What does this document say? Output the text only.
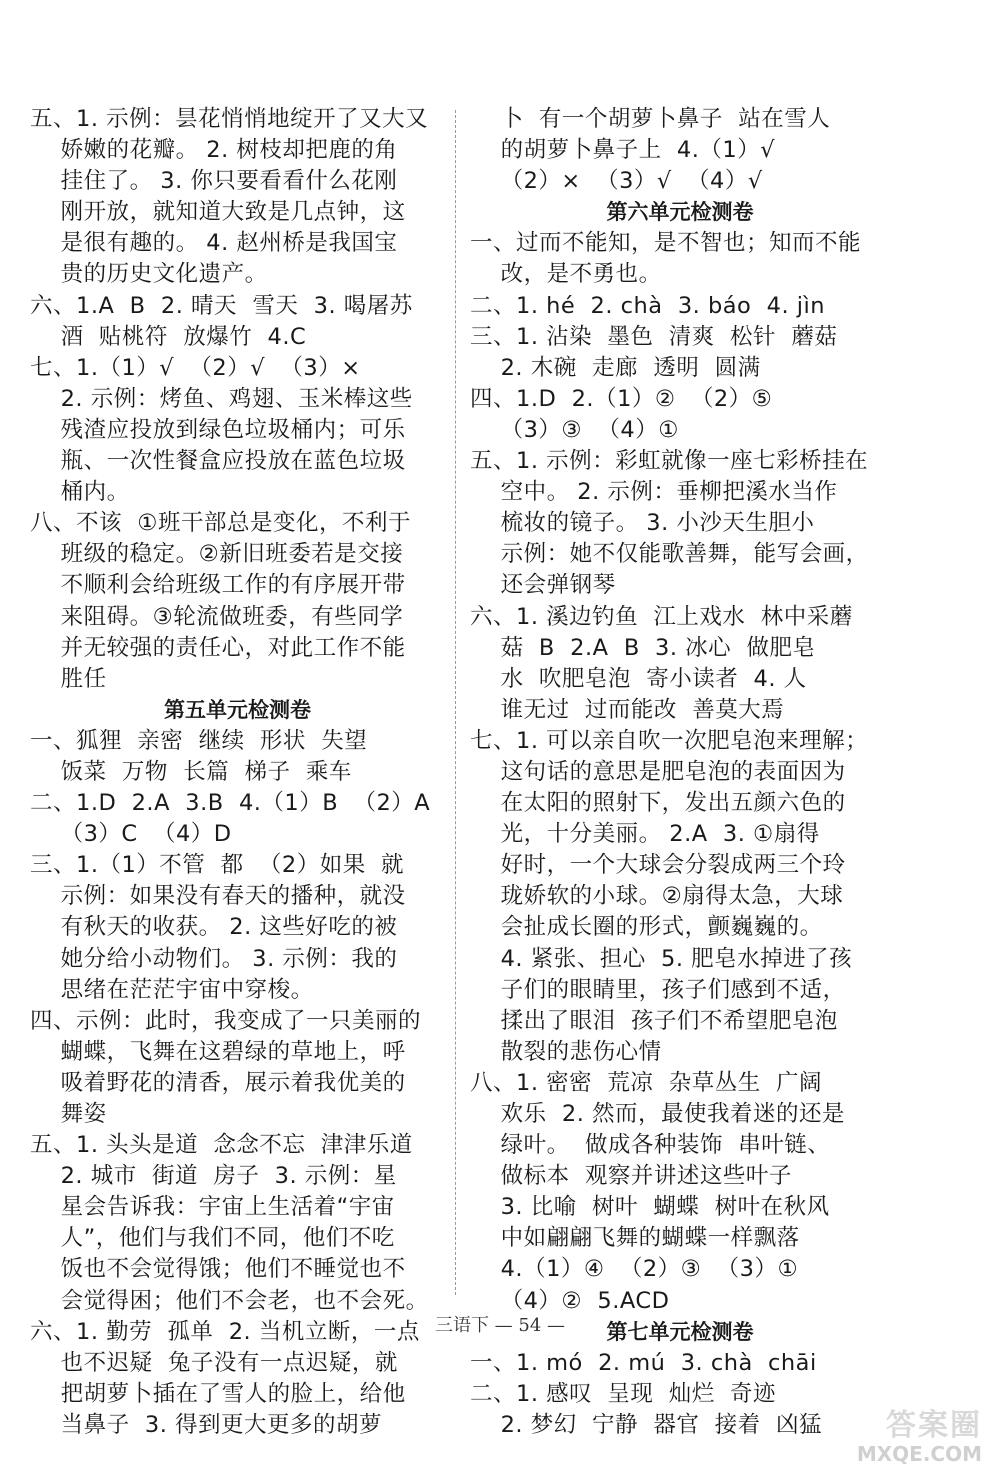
五、1. 示例：昙花悄悄地绽开了又大又
娇嫩的花瓣。 2. 树枝却把鹿的角
挂住了。 3. 你只要看看什么花刚
刚开放，就知道大致是几点钟，这
是很有趣的。 4. 赵州桥是我国宝
贵的历史文化遗产。
六、1.A  B  2. 晴天  雪天  3. 喝屠苏
酒  贴桃符  放爆竹  4.C
七、1.（1）√  （2）√  （3）×
2. 示例：烤鱼、鸡翅、玉米棒这些
残渣应投放到绿色垃圾桶内；可乐
瓶、一次性餐盒应投放在蓝色垃圾
桶内。
八、不该  ①班干部总是变化，不利于
班级的稳定。②新旧班委若是交接
不顺利会给班级工作的有序展开带
来阻碍。③轮流做班委，有些同学
并无较强的责任心，对此工作不能
胜任
第五单元检测卷
一、狐狸  亲密  继续  形状  失望
饭菜  万物  长篇  梯子  乘车
二、1.D  2.A  3.B  4.（1）B  （2）A
（3）C  （4）D
三、1.（1）不管  都  （2）如果  就
示例：如果没有春天的播种，就没
有秋天的收获。 2. 这些好吃的被
她分给小动物们。 3. 示例：我的
思绪在茫茫宇宙中穿梭。
四、示例：此时，我变成了一只美丽的
蝴蝶，飞舞在这碧绿的草地上，呼
吸着野花的清香，展示着我优美的
舞姿
五、1. 头头是道  念念不忘  津津乐道
2. 城市  街道  房子  3. 示例：星
星会告诉我：宇宙上生活着“宇宙
人”，他们与我们不同，他们不吃
饭也不会觉得饿；他们不睡觉也不
会觉得困；他们不会老，也不会死。
六、1. 勤劳  孤单  2. 当机立断，一点
也不迟疑  兔子没有一点迟疑，就
把胡萝卜插在了雪人的脸上，给他
当鼻子  3. 得到更大更多的胡萝
卜  有一个胡萝卜鼻子  站在雪人
的胡萝卜鼻子上  4.（1）√
（2）×  （3）√  （4）√
第六单元检测卷
一、过而不能知，是不智也；知而不能
改，是不勇也。
二、1. hé  2. chà  3. báo  4. jìn
三、1. 沾染  墨色  清爽  松针  蘑菇
2. 木碗  走廊  透明  圆满
四、1.D  2.（1）②  （2）⑤
（3）③  （4）①
五、1. 示例：彩虹就像一座七彩桥挂在
空中。 2. 示例：垂柳把溪水当作
梳妆的镜子。 3. 小沙天生胆小
示例：她不仅能歌善舞，能写会画，
还会弹钢琴
六、1. 溪边钓鱼  江上戏水  林中采蘑
菇  B  2.A  B  3. 冰心  做肥皂
水  吹肥皂泡  寄小读者  4. 人
谁无过  过而能改  善莫大焉
七、1. 可以亲自吹一次肥皂泡来理解；
这句话的意思是肥皂泡的表面因为
在太阳的照射下，发出五颜六色的
光，十分美丽。 2.A  3. ①扇得
好时，一个大球会分裂成两三个玲
珑娇软的小球。②扇得太急，大球
会扯成长圈的形式，颤巍巍的。
4. 紧张、担心  5. 肥皂水掉进了孩
子们的眼睛里，孩子们感到不适，
揉出了眼泪  孩子们不希望肥皂泡
散裂的悲伤心情
八、1. 密密  荒凉  杂草丛生  广阔
欢乐  2. 然而，最使我着迷的还是
绿叶。  做成各种装饰  串叶链、
做标本  观察并讲述这些叶子
3. 比喻  树叶  蝴蝶  树叶在秋风
中如翩翩飞舞的蝴蝶一样飘落
4.（1）④  （2）③  （3）①
（4）②  5.ACD
第七单元检测卷
一、1. mó  2. mú  3. chà  chāi
二、1. 感叹  呈现  灿烂  奇迹
2. 梦幻  宁静  器官  接着  凶猛
三语下 — 54 —
答案圈
MXQE.COM
